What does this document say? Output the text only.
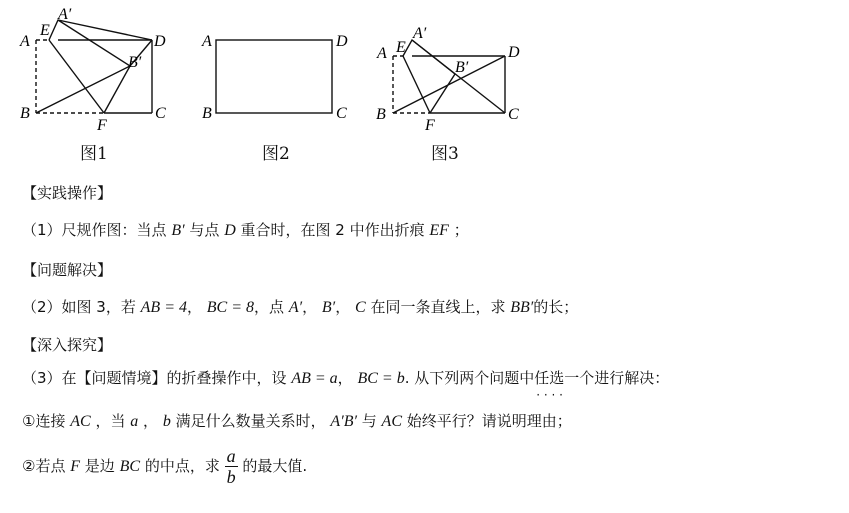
A′
E
A	D
B′
B
F
C
A	D
B	C
A′
E
A	D
B′
B
F
C
图1	图2	图3
【实践操作】
（1）尺规作图：当点 B′ 与点 D 重合时，在图 2 中作出折痕 EF ；
【问题解决】
（2）如图 3，若 AB = 4， BC = 8，点 A′， B′， C 在同一条直线上，求 BB′的长；
【深入探究】
（3）在【问题情境】的折叠操作中，设 AB = a， BC = b. 从下列两个问题中任选一个 · ·进行解决：
①连接 AC ，当 a ， b 满足什么数量关系时， A′B′ 与 AC 始终平行？请说明理由；
②若点 F 是边 BC 的中点，求 $\frac{a}{b}$ 的最大值.
